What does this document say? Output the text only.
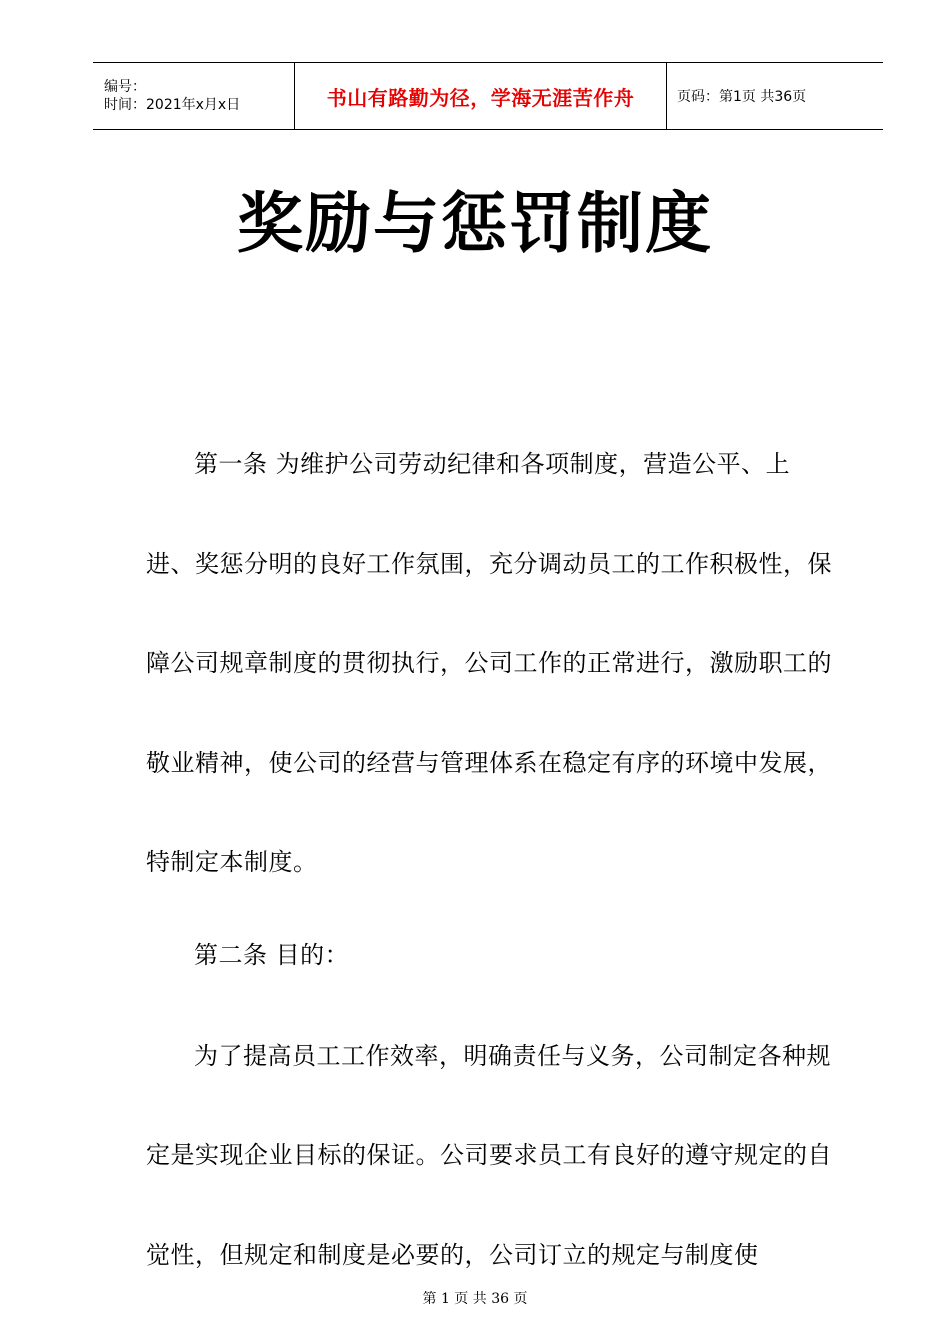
编号：
时间：2021年x月x日	书山有路勤为径，学海无涯苦作舟	页码：第1页 共36页
奖励与惩罚制度

第一条 为维护公司劳动纪律和各项制度，营造公平、上进、奖惩分明的良好工作氛围，充分调动员工的工作积极性，保障公司规章制度的贯彻执行，公司工作的正常进行，激励职工的敬业精神，使公司的经营与管理体系在稳定有序的环境中发展，特制定本制度。

第二条 目的：

为了提高员工工作效率，明确责任与义务，公司制定各种规定是实现企业目标的保证。公司要求员工有良好的遵守规定的自觉性，但规定和制度是必要的，公司订立的规定与制度使

第 1 页 共 36 页
